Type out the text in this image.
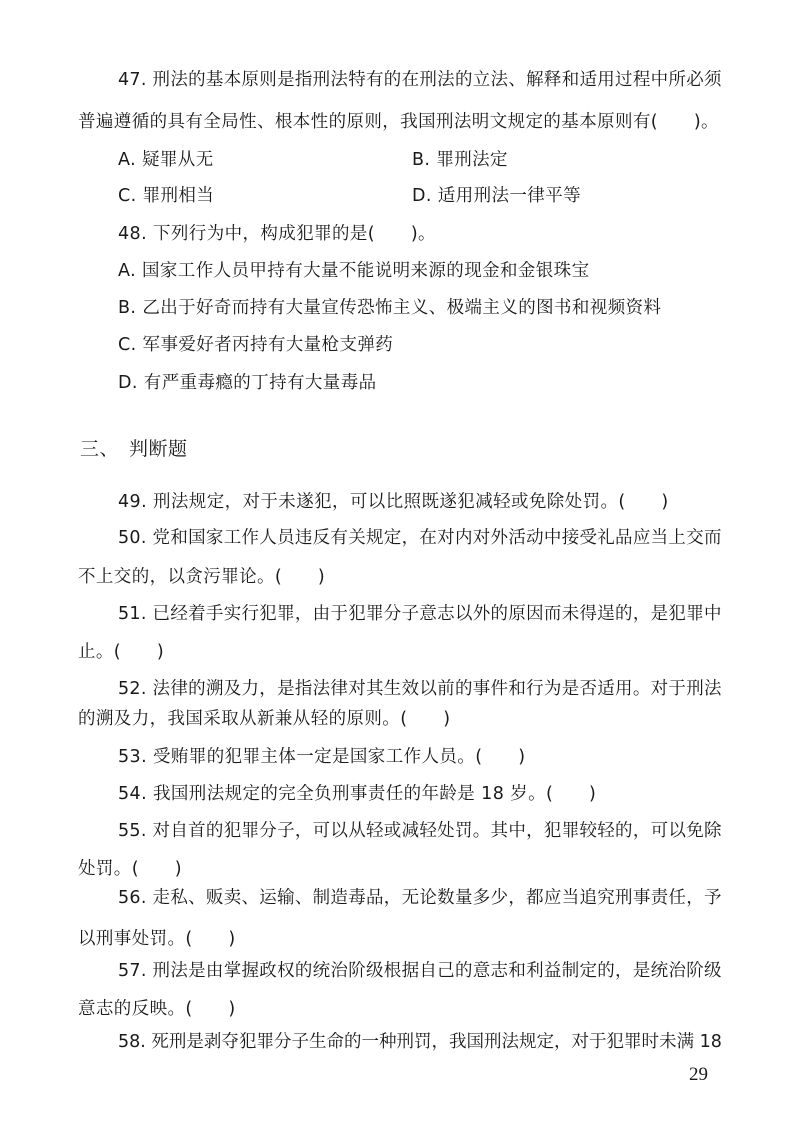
47. 刑法的基本原则是指刑法特有的在刑法的立法、解释和适用过程中所必须
普遍遵循的具有全局性、根本性的原则，我国刑法明文规定的基本原则有(　　)。
A. 疑罪从无	B. 罪刑法定
C. 罪刑相当	D. 适用刑法一律平等
48. 下列行为中，构成犯罪的是(　　)。
A. 国家工作人员甲持有大量不能说明来源的现金和金银珠宝
B. 乙出于好奇而持有大量宣传恐怖主义、极端主义的图书和视频资料
C. 军事爱好者丙持有大量枪支弹药
D. 有严重毒瘾的丁持有大量毒品
三、　判断题
49. 刑法规定，对于未遂犯，可以比照既遂犯减轻或免除处罚。(　　)
50. 党和国家工作人员违反有关规定，在对内对外活动中接受礼品应当上交而
不上交的，以贪污罪论。(　　)
51. 已经着手实行犯罪，由于犯罪分子意志以外的原因而未得逞的，是犯罪中
止。(　　)
52. 法律的溯及力，是指法律对其生效以前的事件和行为是否适用。对于刑法
的溯及力，我国采取从新兼从轻的原则。(　　)
53. 受贿罪的犯罪主体一定是国家工作人员。(　　)
54. 我国刑法规定的完全负刑事责任的年龄是 18 岁。(　　)
55. 对自首的犯罪分子，可以从轻或减轻处罚。其中，犯罪较轻的，可以免除
处罚。(　　)
56. 走私、贩卖、运输、制造毒品，无论数量多少，都应当追究刑事责任，予
以刑事处罚。(　　)
57. 刑法是由掌握政权的统治阶级根据自己的意志和利益制定的，是统治阶级
意志的反映。(　　)
58. 死刑是剥夺犯罪分子生命的一种刑罚，我国刑法规定，对于犯罪时未满 18
29
